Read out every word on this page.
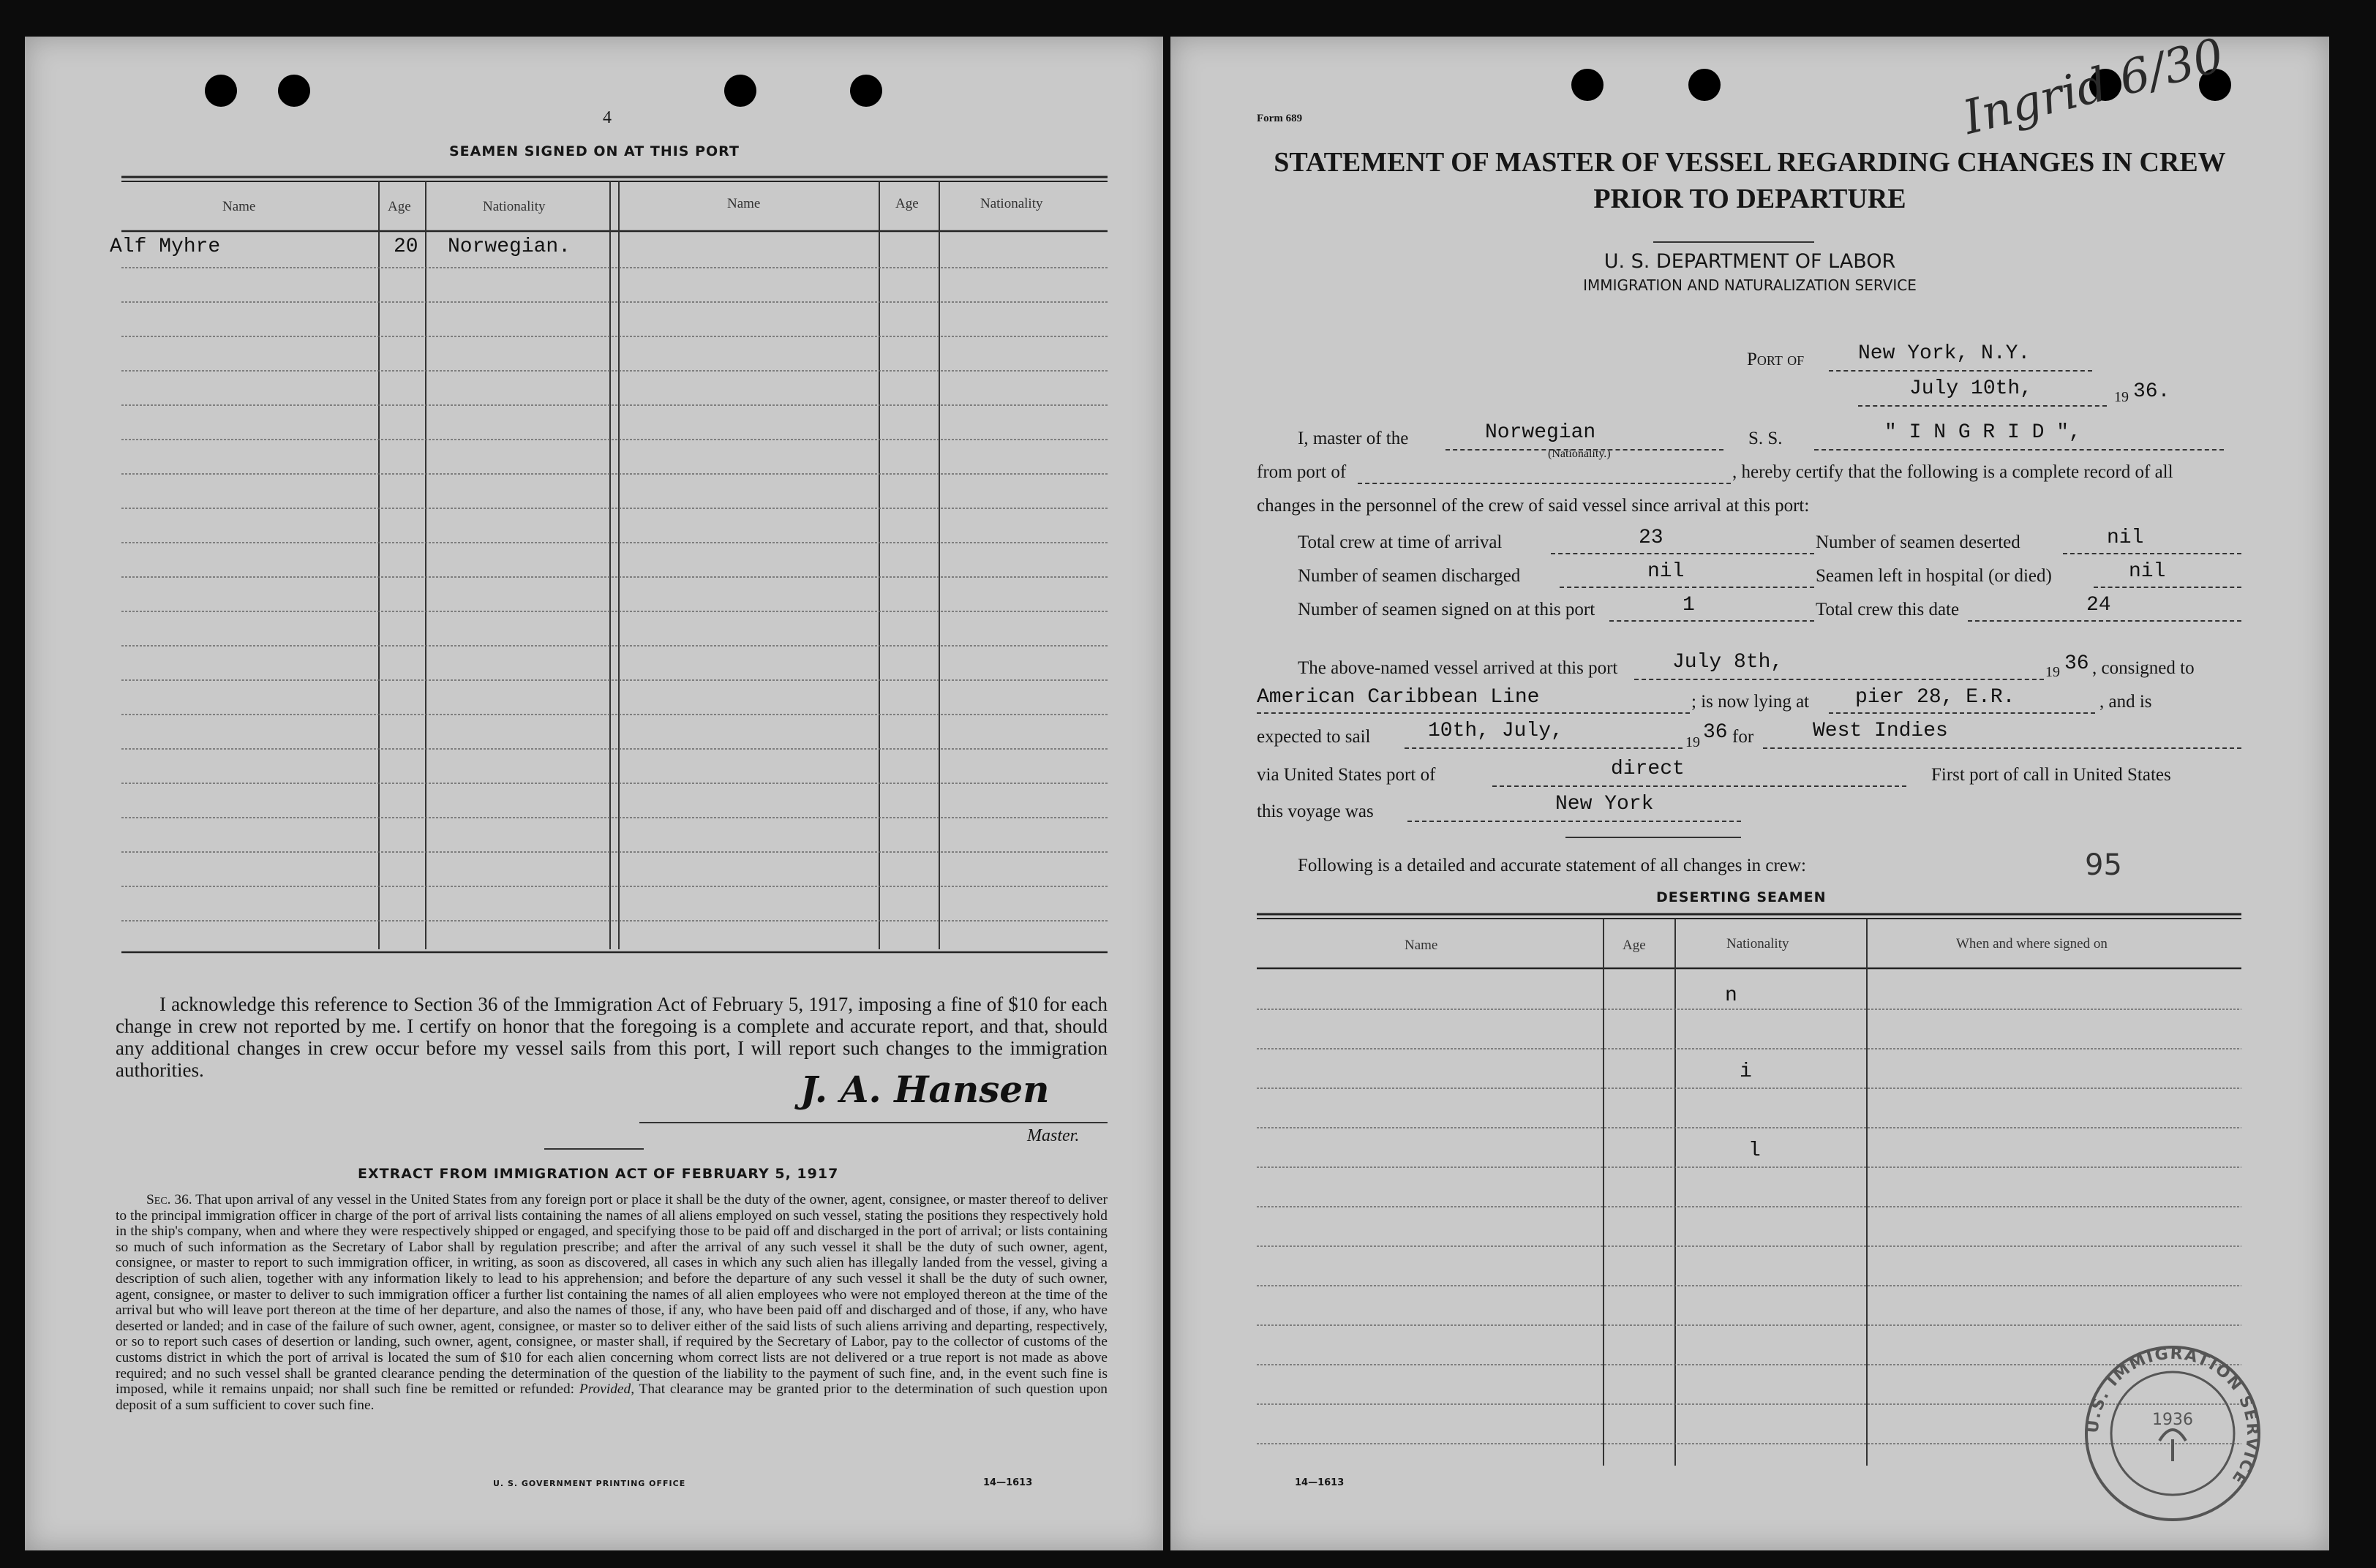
4
SEAMEN SIGNED ON AT THIS PORT
Name	Age	Nationality	Name	Age	Nationality
Alf Myhre	20 Norwegian.
I acknowledge this reference to Section 36 of the Immigration Act of February 5, 1917, imposing a fine of $10 for each change in crew not reported by me. I certify on honor that the foregoing is a complete and accurate report, and that, should any additional changes in crew occur before my vessel sails from this port, I will report such changes to the immigration authorities.	J. A. Hansen
Master.
EXTRACT FROM IMMIGRATION ACT OF FEBRUARY 5, 1917
Sec. 36. That upon arrival of any vessel in the United States from any foreign port or place it shall be the duty of the owner, agent, consignee, or master thereof to deliver to the principal immigration officer in charge of the port of arrival lists containing the names of all aliens employed on such vessel, stating the positions they respectively hold in the ship's company, when and where they were respectively shipped or engaged, and specifying those to be paid off and discharged in the port of arrival; or lists containing so much of such information as the Secretary of Labor shall by regulation prescribe; and after the arrival of any such vessel it shall be the duty of such owner, agent, consignee, or master to report to such immigration officer, in writing, as soon as discovered, all cases in which any such alien has illegally landed from the vessel, giving a description of such alien, together with any information likely to lead to his apprehension; and before the departure of any such vessel it shall be the duty of such owner, agent, consignee, or master to deliver to such immigration officer a further list containing the names of all alien employees who were not employed thereon at the time of the arrival but who will leave port thereon at the time of her departure, and also the names of those, if any, who have been paid off and discharged and of those, if any, who have deserted or landed; and in case of the failure of such owner, agent, consignee, or master so to deliver either of the said lists of such aliens arriving and departing, respectively, or so to report such cases of desertion or landing, such owner, agent, consignee, or master shall, if required by the Secretary of Labor, pay to the collector of customs of the customs district in which the port of arrival is located the sum of $10 for each alien concerning whom correct lists are not delivered or a true report is not made as above required; and no such vessel shall be granted clearance pending the determination of the question of the liability to the payment of such fine, and, in the event such fine is imposed, while it remains unpaid; nor shall such fine be remitted or refunded: Provided, That clearance may be granted prior to the determination of such question upon deposit of a sum sufficient to cover such fine.
U. S. GOVERNMENT PRINTING OFFICE	14—1613
Form 689	Ingrid 6/30
STATEMENT OF MASTER OF VESSEL REGARDING CHANGES IN CREW
PRIOR TO DEPARTURE
U. S. DEPARTMENT OF LABOR
IMMIGRATION AND NATURALIZATION SERVICE
Port of	New York, N.Y.
July 10th,	19 36.
I, master of the	Norwegian
(Nationality.)
S. S.	" I N G R I D ",
from port of	, hereby certify that the following is a complete record of all
changes in the personnel of the crew of said vessel since arrival at this port:
Total crew at time of arrival	23	Number of seamen deserted	nil
Number of seamen discharged	nil	Seamen left in hospital (or died)	nil
Number of seamen signed on at this port	1	Total crew this date	24
The above-named vessel arrived at this port	July 8th,	19 36 , consigned to
American Caribbean Line	; is now lying at pier 28, E.R.	, and is
expected to sail	10th, July,	19 36 for	West Indies
via United States port of	direct	First port of call in United States
this voyage was	New York
Following is a detailed and accurate statement of all changes in crew:	95
DESERTING SEAMEN
Name	Age	Nationality	When and where signed on
n
i
l
U.S. IMMIGRATION SERVICE
1936
14—1613
